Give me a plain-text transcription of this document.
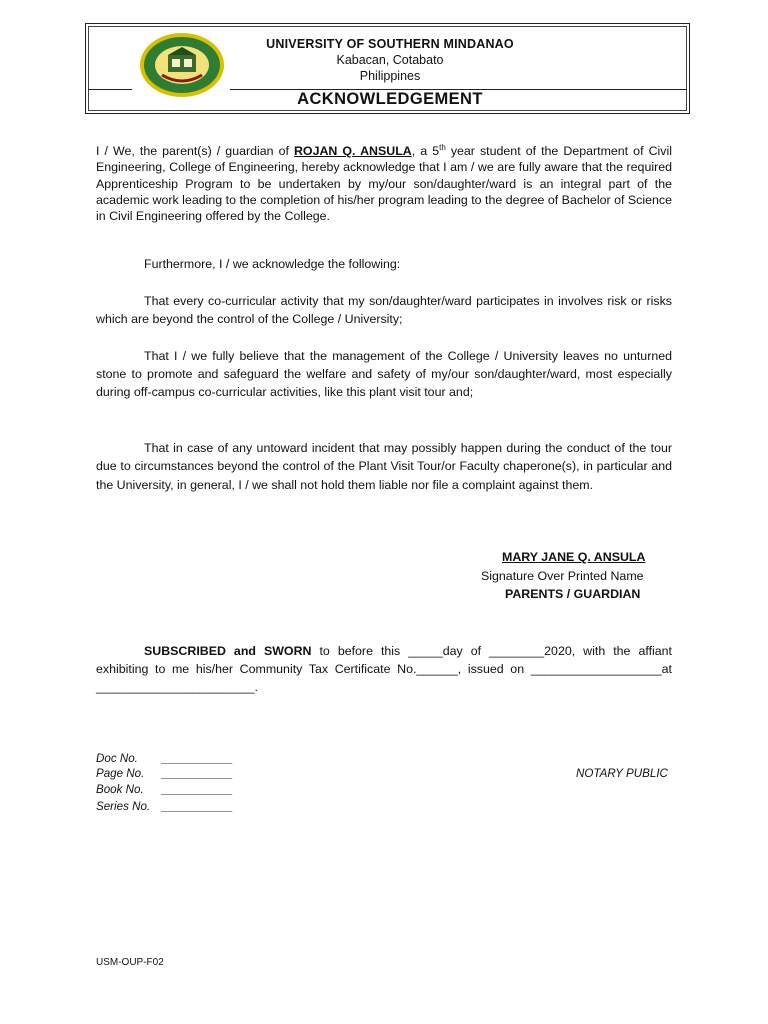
UNIVERSITY OF SOUTHERN MINDANAO
Kabacan, Cotabato
Philippines
ACKNOWLEDGEMENT
I / We, the parent(s) / guardian of ROJAN Q. ANSULA, a 5th year student of the Department of Civil Engineering, College of Engineering, hereby acknowledge that I am / we are fully aware that the required Apprenticeship Program to be undertaken by my/our son/daughter/ward is an integral part of the academic work leading to the completion of his/her program leading to the degree of Bachelor of Science in Civil Engineering offered by the College.
Furthermore, I / we acknowledge the following:
That every co-curricular activity that my son/daughter/ward participates in involves risk or risks which are beyond the control of the College / University;
That I / we fully believe that the management of the College / University leaves no unturned stone to promote and safeguard the welfare and safety of my/our son/daughter/ward, most especially during off-campus co-curricular activities, like this plant visit tour and;
That in case of any untoward incident that may possibly happen during the conduct of the tour due to circumstances beyond the control of the Plant Visit Tour/or Faculty chaperone(s), in particular and the University, in general, I / we shall not hold them liable nor file a complaint against them.
MARY JANE Q. ANSULA
Signature Over Printed Name
PARENTS / GUARDIAN
SUBSCRIBED and SWORN to before this _____day of ________2020, with the affiant exhibiting to me his/her Community Tax Certificate No.______, issued on ___________________at _______________________.
Doc No. ___________
Page No. ___________
Book No. ___________
Series No. ___________
NOTARY PUBLIC
USM-OUP-F02
